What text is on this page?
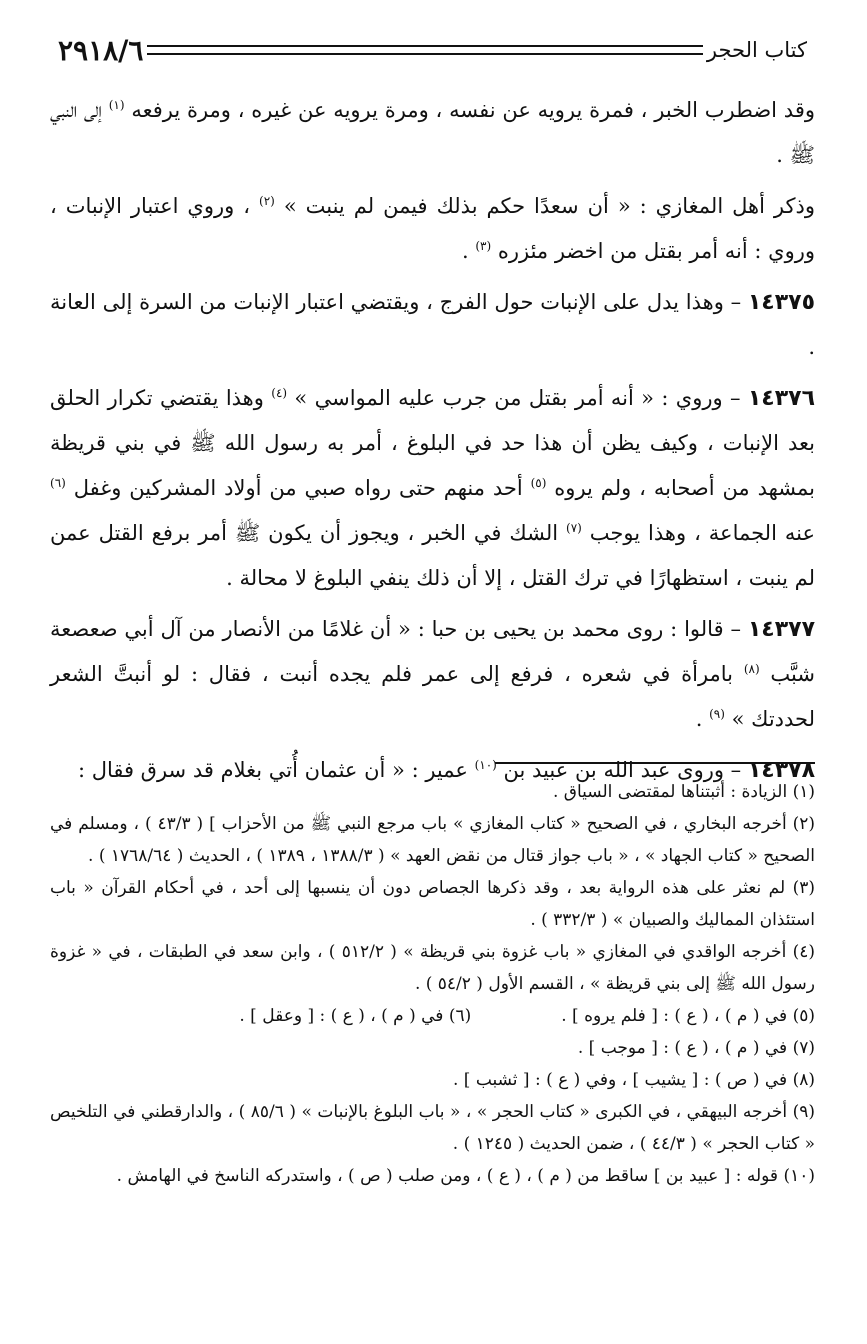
كتاب الحجر
٢٩١٨/٦

وقد اضطرب الخبر ، فمرة يرويه عن نفسه ، ومرة يرويه عن غيره ، ومرة يرفعه $^{(١)}$ إلى النبي ﷺ .

وذكر أهل المغازي : « أن سعدًا حكم بذلك فيمن لم ينبت » $^{(٢)}$ ، وروي اعتبار الإنبات ، وروي : أنه أمر بقتل من اخضر مئزره $^{(٣)}$ .

١٤٣٧٥ – وهذا يدل على الإنبات حول الفرج ، ويقتضي اعتبار الإنبات من السرة إلى العانة .

١٤٣٧٦ – وروي : « أنه أمر بقتل من جرب عليه المواسي » $^{(٤)}$ وهذا يقتضي تكرار الحلق بعد الإنبات ، وكيف يظن أن هذا حد في البلوغ ، أمر به رسول الله ﷺ في بني قريظة بمشهد من أصحابه ، ولم يروه $^{(٥)}$ أحد منهم حتى رواه صبي من أولاد المشركين وغفل $^{(٦)}$ عنه الجماعة ، وهذا يوجب $^{(٧)}$ الشك في الخبر ، ويجوز أن يكون ﷺ أمر برفع القتل عمن لم ينبت ، استظهارًا في ترك القتل ، إلا أن ذلك ينفي البلوغ لا محالة .

١٤٣٧٧ – قالوا : روى محمد بن يحيى بن حبا : « أن غلامًا من الأنصار من آل أبي صعصعة شبَّب $^{(٨)}$ بامرأة في شعره ، فرفع إلى عمر فلم يجده أنبت ، فقال : لو أنبتَّ الشعر لحددتك » $^{(٩)}$ .

١٤٣٧٨ – وروى عبد الله بن عبيد بن $^{(١٠)}$ عمير : « أن عثمان أُتي بغلام قد سرق فقال :

(١) الزيادة : أثبتناها لمقتضى السياق .

(٢) أخرجه البخاري ، في الصحيح « كتاب المغازي » باب مرجع النبي ﷺ من الأحزاب ] ( ٤٣/٣ ) ، ومسلم في الصحيح « كتاب الجهاد » ، « باب جواز قتال من نقض العهد » ( ١٣٨٨/٣ ، ١٣٨٩ ) ، الحديث ( ١٧٦٨/٦٤ ) .

(٣) لم نعثر على هذه الرواية بعد ، وقد ذكرها الجصاص دون أن ينسبها إلى أحد ، في أحكام القرآن « باب استئذان المماليك والصبيان » ( ٣٣٢/٣ ) .

(٤) أخرجه الواقدي في المغازي « باب غزوة بني قريظة » ( ٥١٢/٢ ) ، وابن سعد في الطبقات ، في « غزوة رسول الله ﷺ إلى بني قريظة » ، القسم الأول ( ٥٤/٢ ) .

(٥) في ( م ) ، ( ع ) : [ فلم يروه ] .

(٦) في ( م ) ، ( ع ) : [ وعقل ] .

(٧) في ( م ) ، ( ع ) : [ موجب ] .

(٨) في ( ص ) : [ يشيب ] ، وفي ( ع ) : [ ثشبب ] .

(٩) أخرجه البيهقي ، في الكبرى « كتاب الحجر » ، « باب البلوغ بالإنبات » ( ٨٥/٦ ) ، والدارقطني في التلخيص « كتاب الحجر » ( ٤٤/٣ ) ، ضمن الحديث ( ١٢٤٥ ) .

(١٠) قوله : [ عبيد بن ] ساقط من ( م ) ، ( ع ) ، ومن صلب ( ص ) ، واستدركه الناسخ في الهامش .
